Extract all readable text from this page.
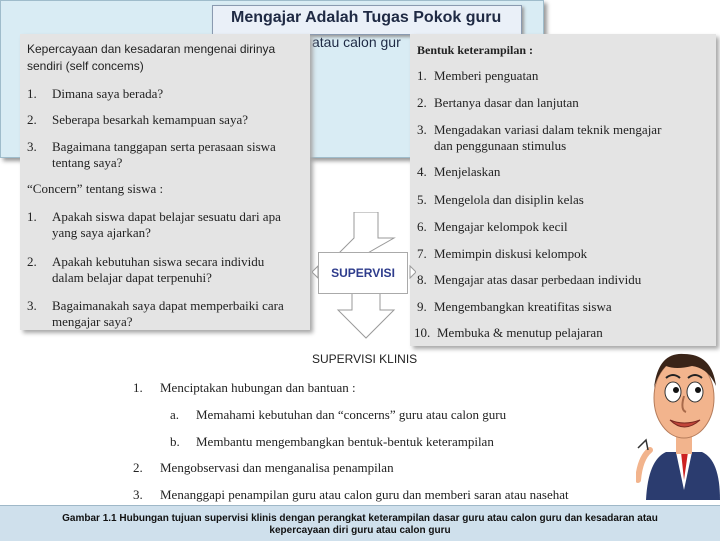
Mengajar Adalah Tugas Pokok guru
atau calon gur
Kepercayaan dan kesadaran mengenai dirinya
sendiri (self concems)
1. Dimana saya berada?
2. Seberapa besarkah kemampuan saya?
3. Bagaimana tanggapan serta perasaan siswa
tentang saya?
“Concern” tentang siswa :
1. Apakah siswa dapat belajar sesuatu dari apa
yang saya ajarkan?
2. Apakah kebutuhan siswa secara individu
dalam belajar dapat terpenuhi?
3. Bagaimanakah saya dapat memperbaiki cara
mengajar saya?
Bentuk keterampilan :
1. Memberi penguatan
2. Bertanya dasar dan lanjutan
3. Mengadakan variasi dalam teknik mengajar
dan penggunaan stimulus
4. Menjelaskan
5. Mengelola dan disiplin kelas
6. Mengajar kelompok kecil
7. Memimpin diskusi kelompok
8. Mengajar atas dasar perbedaan individu
9. Mengembangkan kreatifitas siswa
10. Membuka & menutup pelajaran
SUPERVISI
SUPERVISI KLINIS
1. Menciptakan hubungan dan bantuan :
a. Memahami kebutuhan dan “concerns” guru atau calon guru
b. Membantu mengembangkan bentuk-bentuk keterampilan
2. Mengobservasi dan menganalisa penampilan
3. Menanggapi penampilan guru atau calon guru dan memberi saran atau nasehat
Gambar 1.1 Hubungan tujuan supervisi klinis dengan perangkat keterampilan dasar guru atau calon guru dan kesadaran atau
kepercayaan diri guru atau calon guru
